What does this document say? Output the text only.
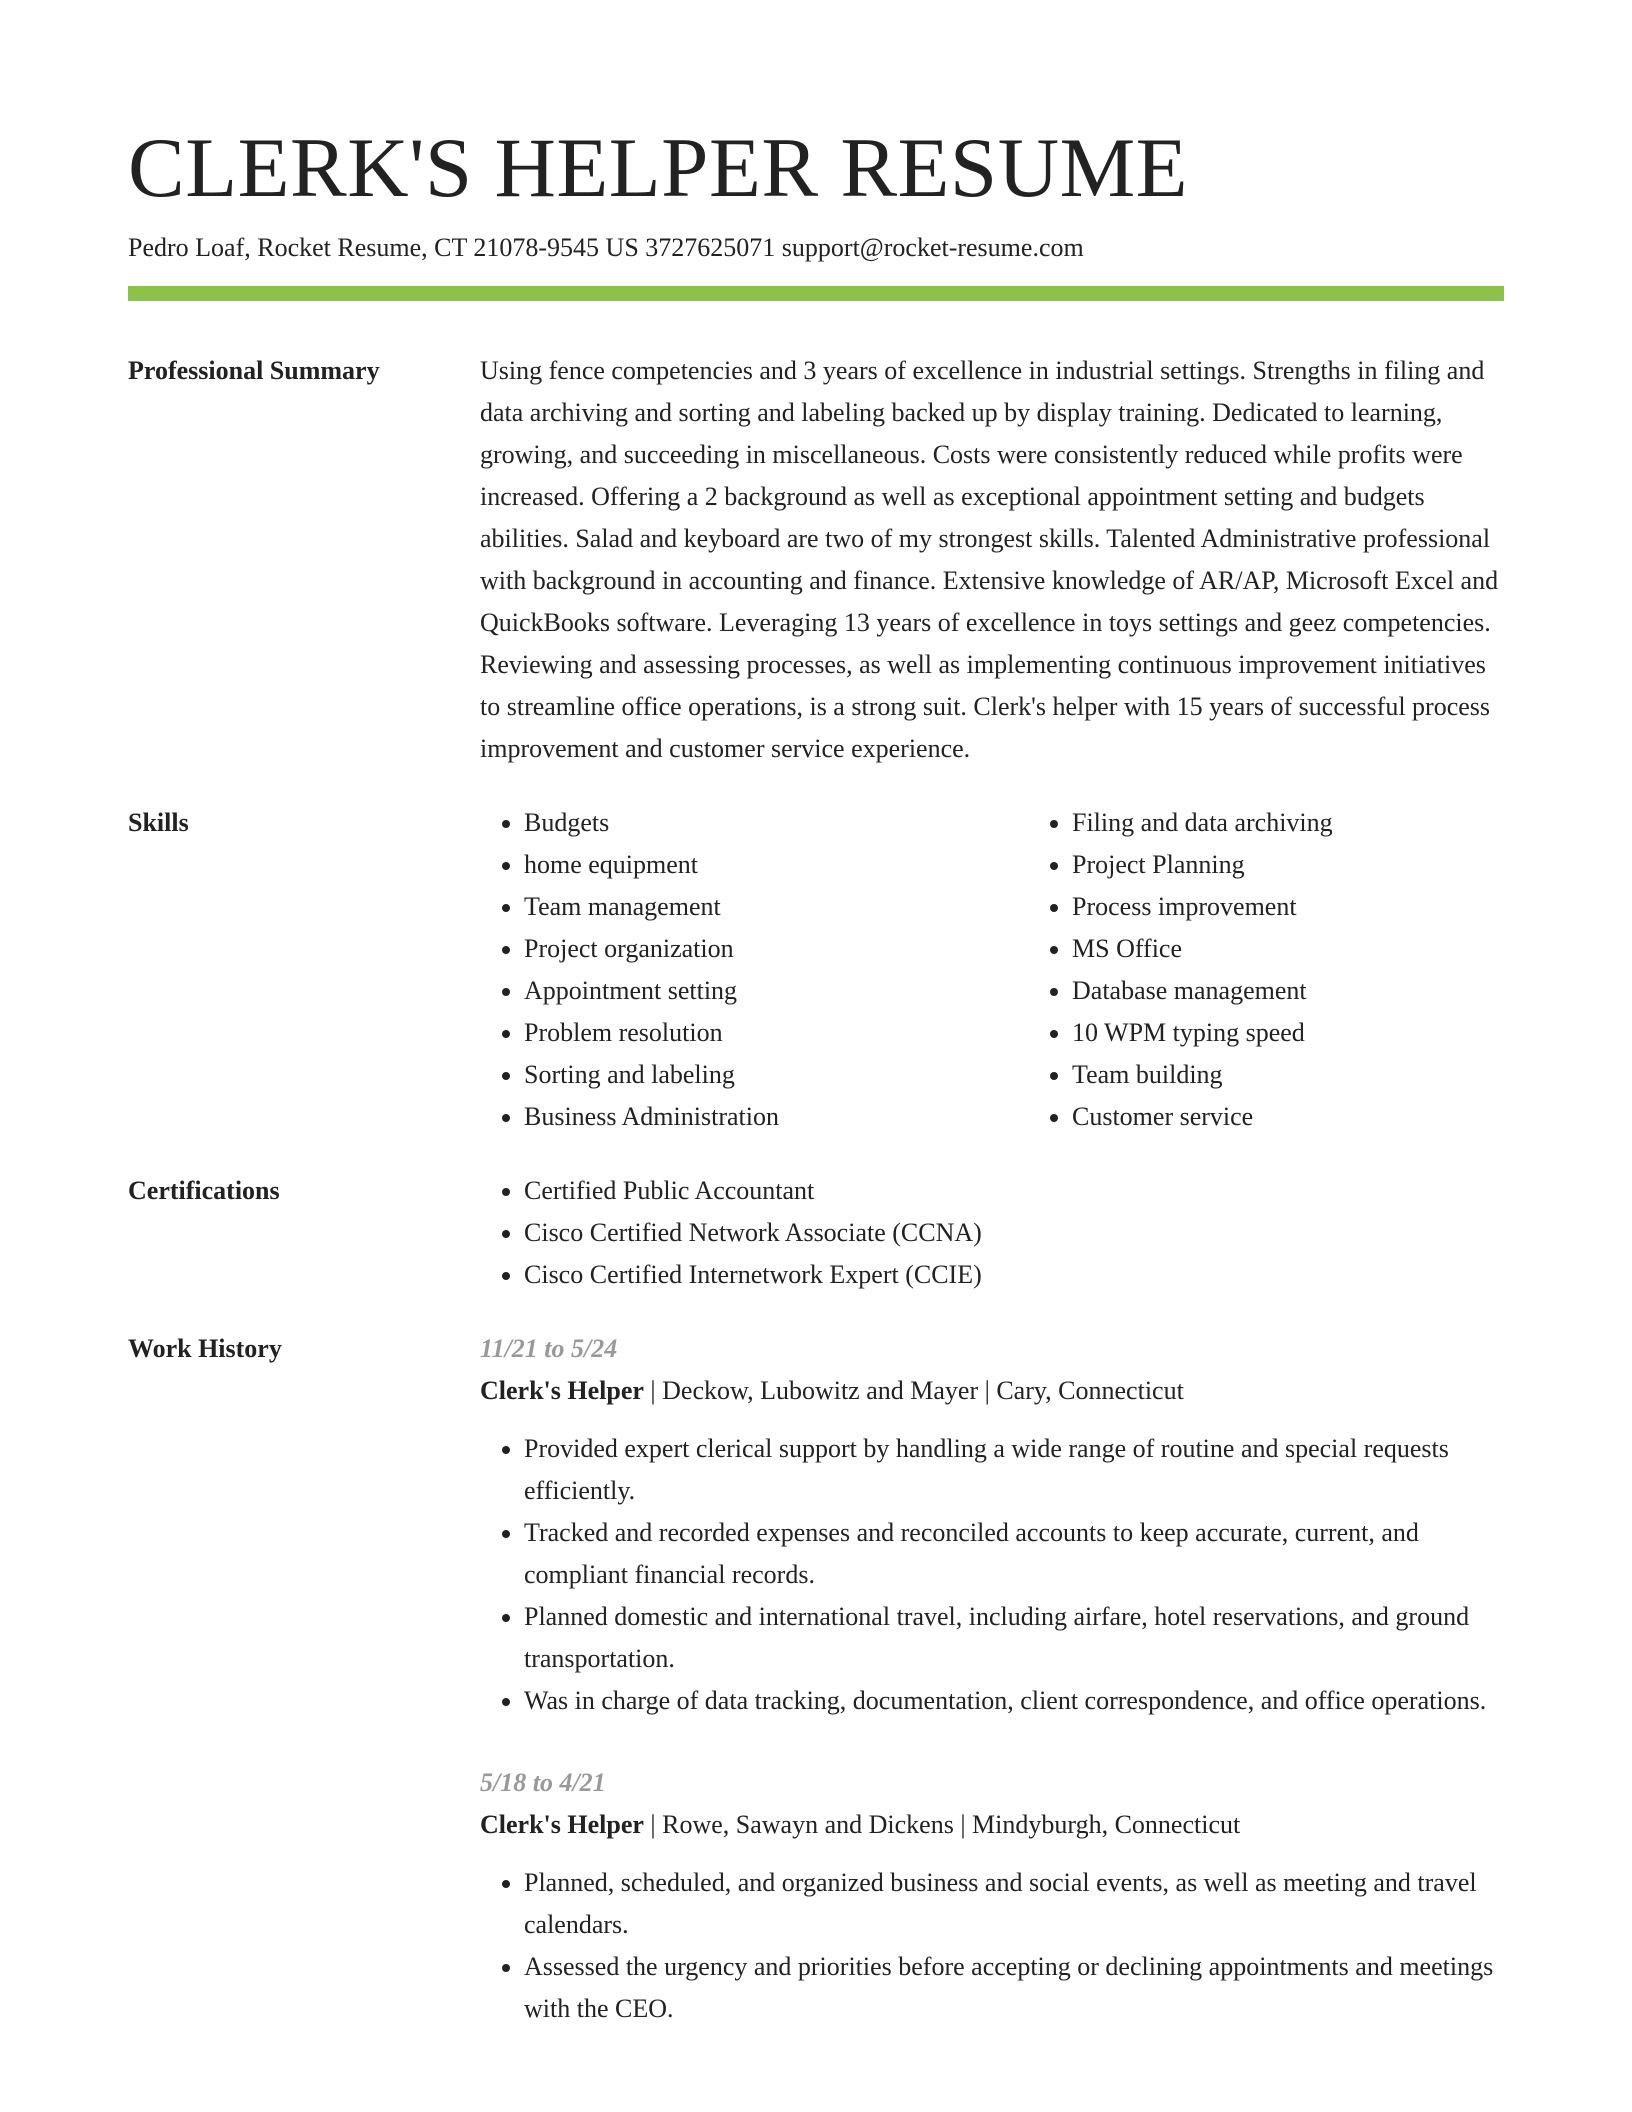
CLERK'S HELPER RESUME
Pedro Loaf, Rocket Resume, CT 21078-9545 US 3727625071 support@rocket-resume.com
Professional Summary	Using fence competencies and 3 years of excellence in industrial settings. Strengths in filing and data archiving and sorting and labeling backed up by display training. Dedicated to learning, growing, and succeeding in miscellaneous. Costs were consistently reduced while profits were increased. Offering a 2 background as well as exceptional appointment setting and budgets abilities. Salad and keyboard are two of my strongest skills. Talented Administrative professional with background in accounting and finance. Extensive knowledge of AR/AP, Microsoft Excel and QuickBooks software. Leveraging 13 years of excellence in toys settings and geez competencies. Reviewing and assessing processes, as well as implementing continuous improvement initiatives to streamline office operations, is a strong suit. Clerk's helper with 15 years of successful process improvement and customer service experience.
Skills	• Budgets
• home equipment
• Team management
• Project organization
• Appointment setting
• Problem resolution
• Sorting and labeling
• Business Administration
• Filing and data archiving
• Project Planning
• Process improvement
• MS Office
• Database management
• 10 WPM typing speed
• Team building
• Customer service
Certifications	• Certified Public Accountant
• Cisco Certified Network Associate (CCNA)
• Cisco Certified Internetwork Expert (CCIE)
Work History	11/21 to 5/24
Clerk's Helper | Deckow, Lubowitz and Mayer | Cary, Connecticut
• Provided expert clerical support by handling a wide range of routine and special requests efficiently.
• Tracked and recorded expenses and reconciled accounts to keep accurate, current, and compliant financial records.
• Planned domestic and international travel, including airfare, hotel reservations, and ground transportation.
• Was in charge of data tracking, documentation, client correspondence, and office operations.
5/18 to 4/21
Clerk's Helper | Rowe, Sawayn and Dickens | Mindyburgh, Connecticut
• Planned, scheduled, and organized business and social events, as well as meeting and travel calendars.
• Assessed the urgency and priorities before accepting or declining appointments and meetings with the CEO.
